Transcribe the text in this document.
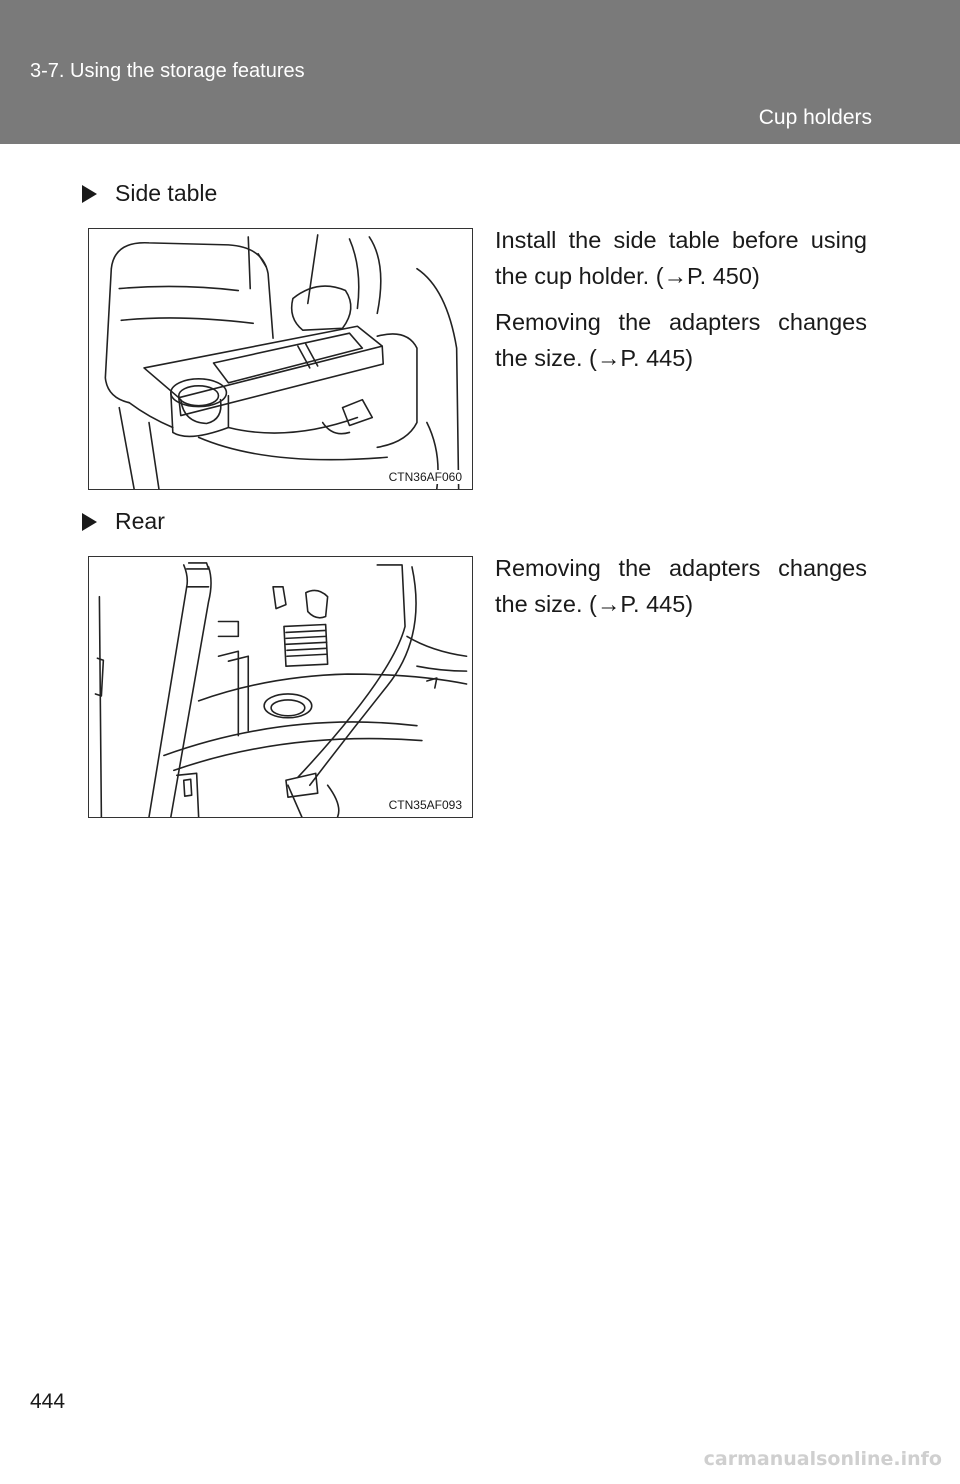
3-7. Using the storage features
Cup holders
Side table
CTN36AF060
Install the side table before using the cup holder. (→P. 450)
Removing the adapters changes the size. (→P. 445)
Rear
CTN35AF093
Removing the adapters changes the size. (→P. 445)
444
carmanualsonline.info
